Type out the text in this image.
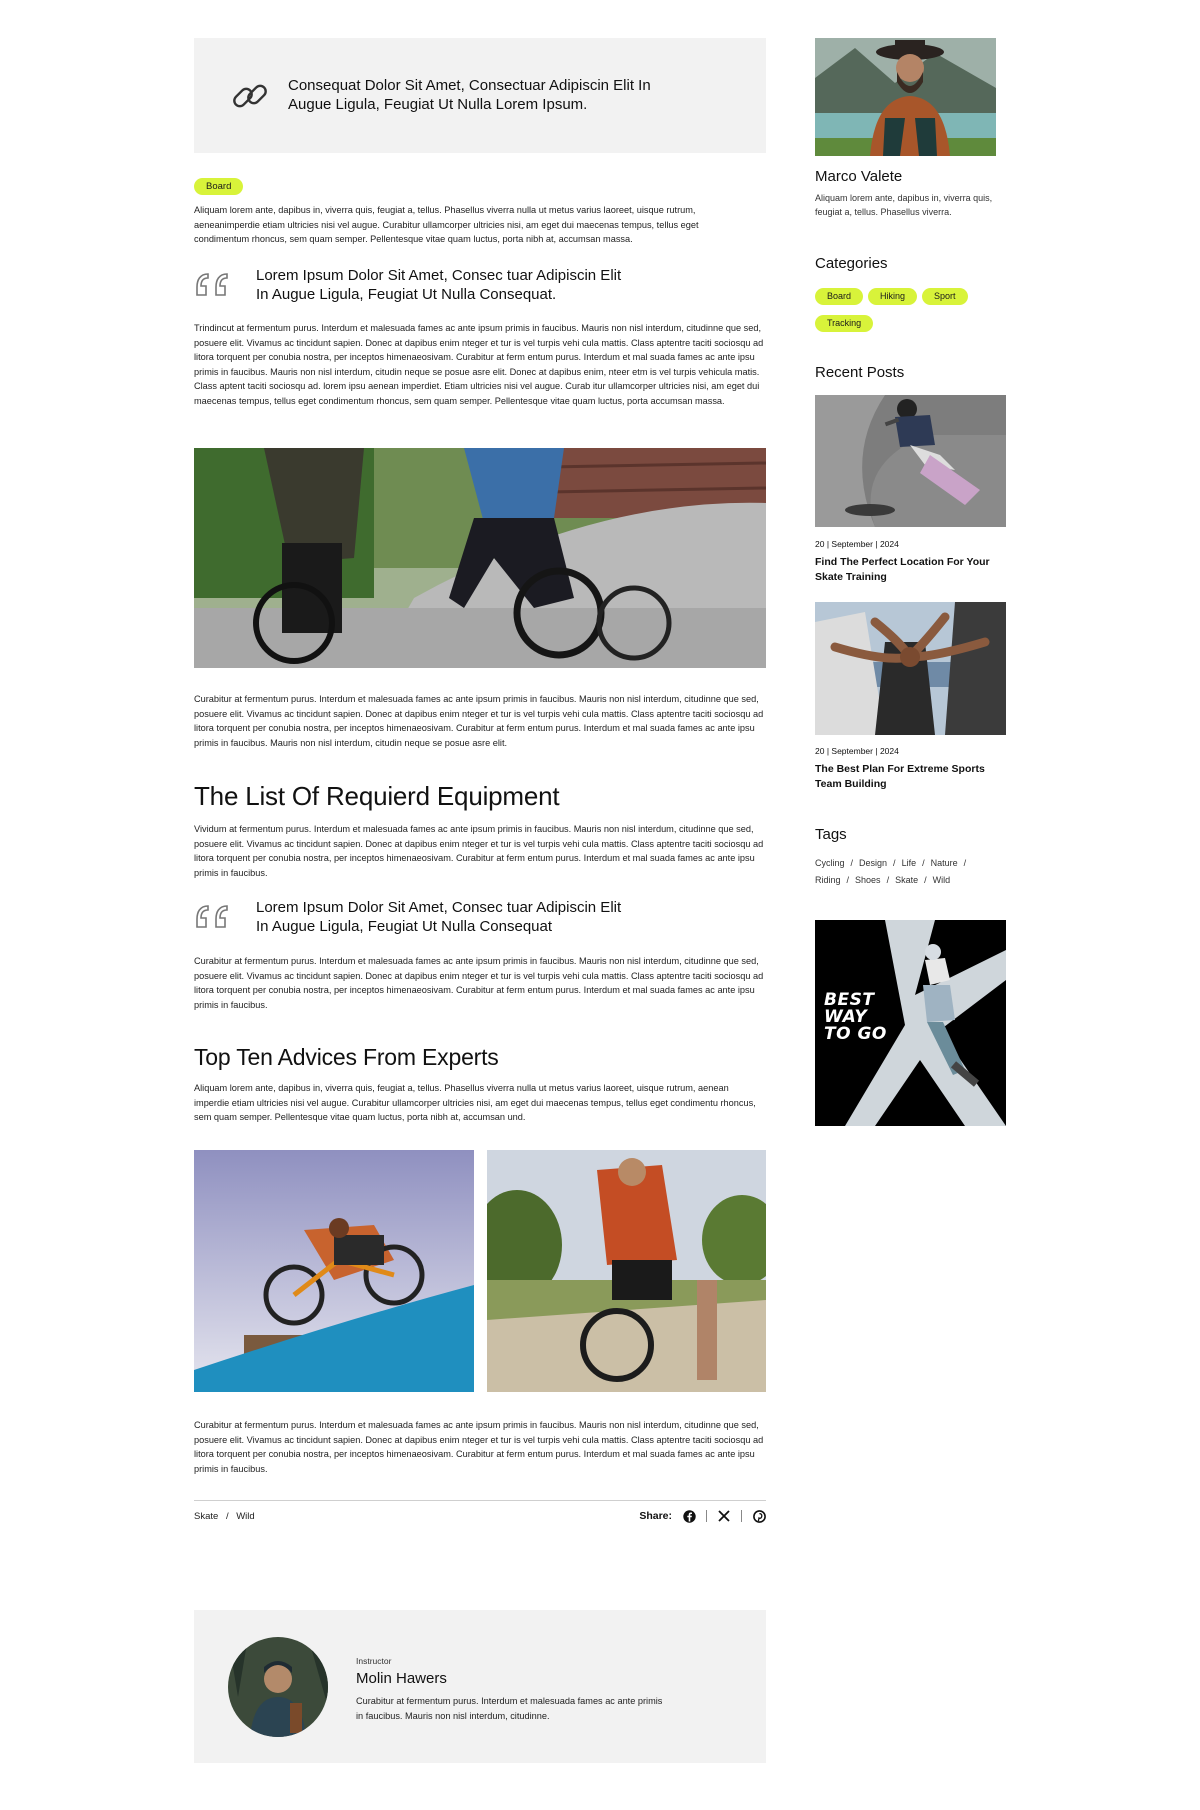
Consequat Dolor Sit Amet, Consectuar Adipiscin Elit In Augue Ligula, Feugiat Ut Nulla Lorem Ipsum.
Board

Aliquam lorem ante, dapibus in, viverra quis, feugiat a, tellus. Phasellus viverra nulla ut metus varius laoreet, uisque rutrum, aeneanimperdie etiam ultricies nisi vel augue. Curabitur ullamcorper ultricies nisi, am eget dui maecenas tempus, tellus eget condimentum rhoncus, sem quam semper. Pellentesque vitae quam luctus, porta nibh at, accumsan massa.

Lorem Ipsum Dolor Sit Amet, Consec tuar Adipiscin Elit In Augue Ligula, Feugiat Ut Nulla Consequat.

Trindincut at fermentum purus. Interdum et malesuada fames ac ante ipsum primis in faucibus. Mauris non nisl interdum, citudinne que sed, posuere elit. Vivamus ac tincidunt sapien. Donec at dapibus enim nteger et tur is vel turpis vehi cula mattis. Class aptentre taciti sociosqu ad litora torquent per conubia nostra, per inceptos himenaeosivam. Curabitur at ferm entum purus. Interdum et mal suada fames ac ante ipsu primis in faucibus. Mauris non nisl interdum, citudin neque se posue asre elit. Donec at dapibus enim, nteer etm is vel turpis vehicula matis. Class aptent taciti sociosqu ad. lorem ipsu aenean imperdiet. Etiam ultricies nisi vel augue. Curab itur ullamcorper ultricies nisi, am eget dui maecenas tempus, tellus eget condimentum rhoncus, sem quam semper. Pellentesque vitae quam luctus, porta accumsan massa.

Curabitur at fermentum purus. Interdum et malesuada fames ac ante ipsum primis in faucibus. Mauris non nisl interdum, citudinne que sed, posuere elit. Vivamus ac tincidunt sapien. Donec at dapibus enim nteger et tur is vel turpis vehi cula mattis. Class aptentre taciti sociosqu ad litora torquent per conubia nostra, per inceptos himenaeosivam. Curabitur at ferm entum purus. Interdum et mal suada fames ac ante ipsu primis in faucibus. Mauris non nisl interdum, citudin neque se posue asre elit.

The List Of Requierd Equipment

Vividum at fermentum purus. Interdum et malesuada fames ac ante ipsum primis in faucibus. Mauris non nisl interdum, citudinne que sed, posuere elit. Vivamus ac tincidunt sapien. Donec at dapibus enim nteger et tur is vel turpis vehi cula mattis. Class aptentre taciti sociosqu ad litora torquent per conubia nostra, per inceptos himenaeosivam. Curabitur at ferm entum purus. Interdum et mal suada fames ac ante ipsu primis in faucibus.

Lorem Ipsum Dolor Sit Amet, Consec tuar Adipiscin Elit In Augue Ligula, Feugiat Ut Nulla Consequat

Curabitur at fermentum purus. Interdum et malesuada fames ac ante ipsum primis in faucibus. Mauris non nisl interdum, citudinne que sed, posuere elit. Vivamus ac tincidunt sapien. Donec at dapibus enim nteger et tur is vel turpis vehi cula mattis. Class aptentre taciti sociosqu ad litora torquent per conubia nostra, per inceptos himenaeosivam. Curabitur at ferm entum purus. Interdum et mal suada fames ac ante ipsu primis in faucibus.

Top Ten Advices From Experts

Aliquam lorem ante, dapibus in, viverra quis, feugiat a, tellus. Phasellus viverra nulla ut metus varius laoreet, uisque rutrum, aenean imperdie etiam ultricies nisi vel augue. Curabitur ullamcorper ultricies nisi, am eget dui maecenas tempus, tellus eget condimentu rhoncus, sem quam semper. Pellentesque vitae quam luctus, porta nibh at, accumsan und.

Curabitur at fermentum purus. Interdum et malesuada fames ac ante ipsum primis in faucibus. Mauris non nisl interdum, citudinne que sed, posuere elit. Vivamus ac tincidunt sapien. Donec at dapibus enim nteger et tur is vel turpis vehi cula mattis. Class aptentre taciti sociosqu ad litora torquent per conubia nostra, per inceptos himenaeosivam. Curabitur at ferm entum purus. Interdum et mal suada fames ac ante ipsu primis in faucibus.

Skate / Wild	Share:
Instructor
Molin Hawers

Curabitur at fermentum purus. Interdum et malesuada fames ac ante primis in faucibus. Mauris non nisl interdum, citudinne.

Marco Valete

Aliquam lorem ante, dapibus in, viverra quis, feugiat a, tellus. Phasellus viverra.

Categories
Board	Hiking	Sport
Tracking
Recent Posts
20 | September | 2024
Find The Perfect Location For Your Skate Training
20 | September | 2024
The Best Plan For Extreme Sports Team Building
Tags
Cycling / Design / Life / Nature /
Riding / Shoes / Skate / Wild
BEST
WAY
TO GO
